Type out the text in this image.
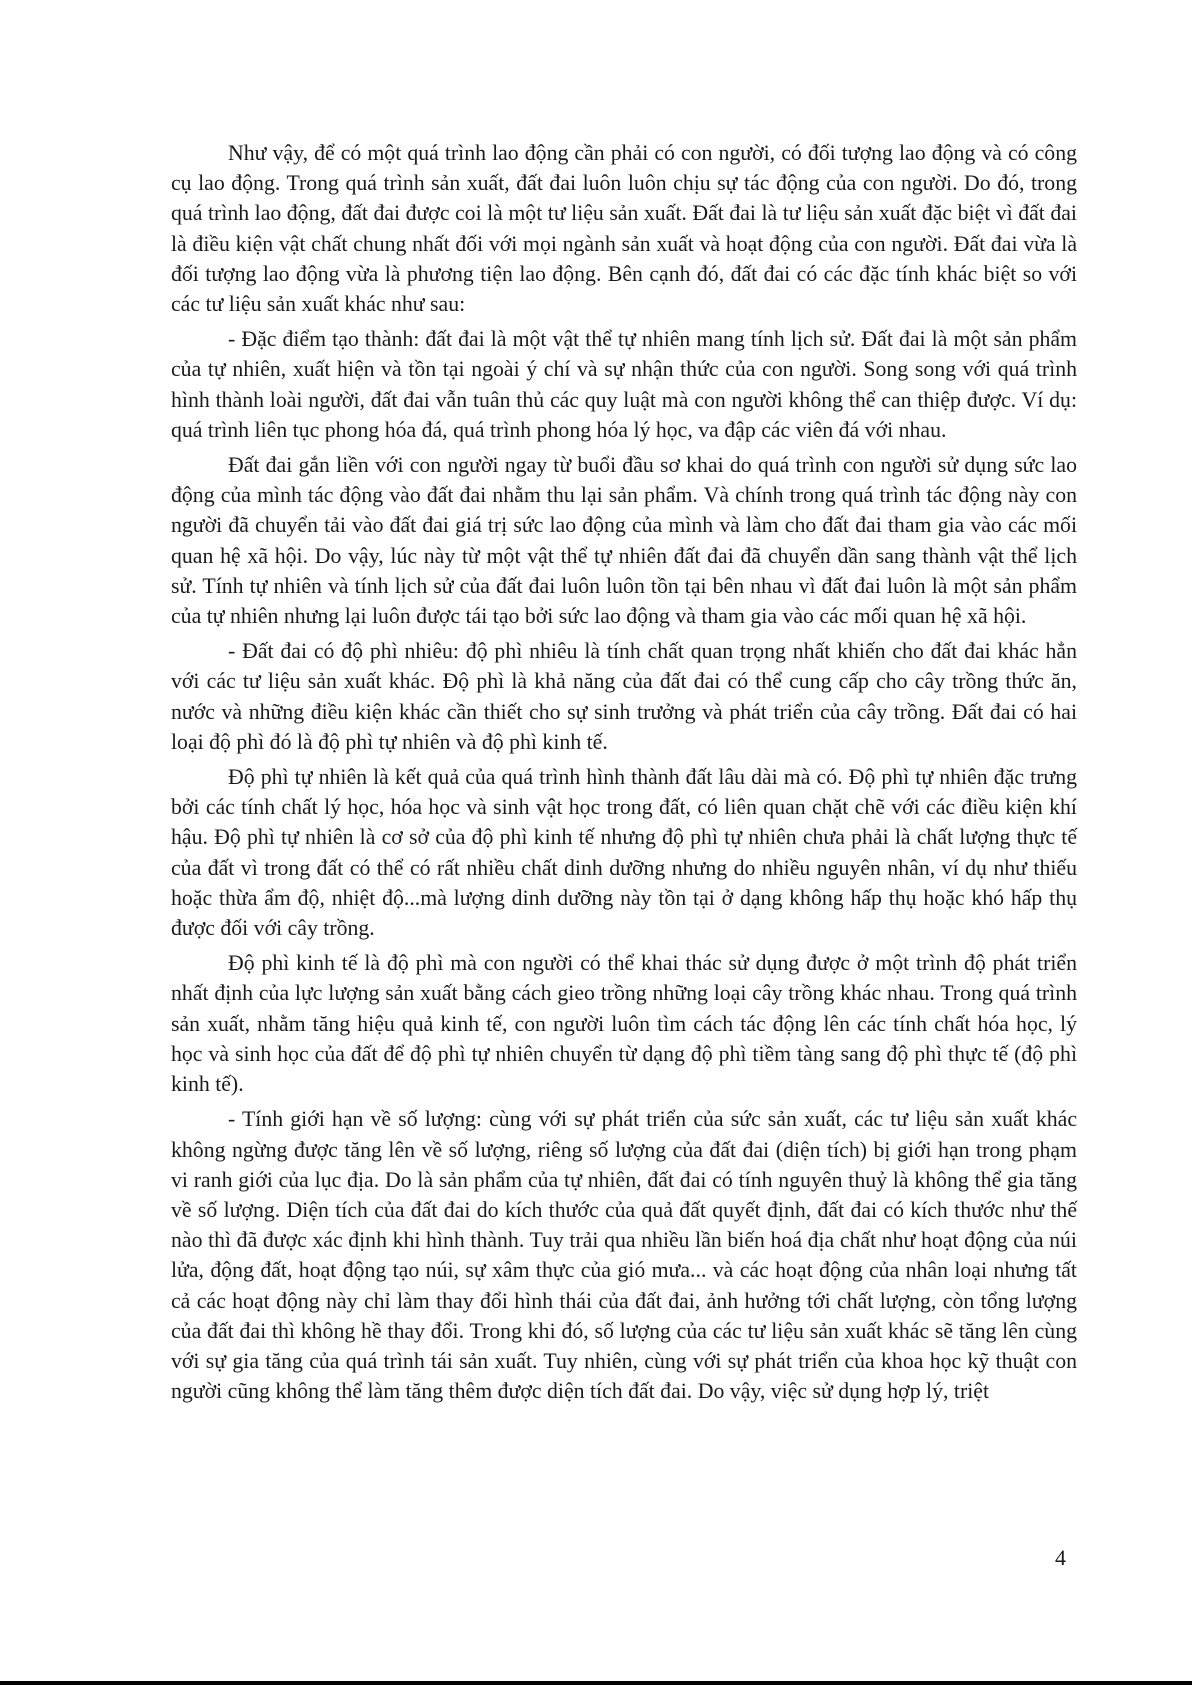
Như vậy, để có một quá trình lao động cần phải có con người, có đối tượng lao động và có công cụ lao động. Trong quá trình sản xuất, đất đai luôn luôn chịu sự tác động của con người. Do đó, trong quá trình lao động, đất đai được coi là một tư liệu sản xuất. Đất đai là tư liệu sản xuất đặc biệt vì đất đai là điều kiện vật chất chung nhất đối với mọi ngành sản xuất và hoạt động của con người. Đất đai vừa là đối tượng lao động vừa là phương tiện lao động. Bên cạnh đó, đất đai có các đặc tính khác biệt so với các tư liệu sản xuất khác như sau:

- Đặc điểm tạo thành: đất đai là một vật thể tự nhiên mang tính lịch sử. Đất đai là một sản phẩm của tự nhiên, xuất hiện và tồn tại ngoài ý chí và sự nhận thức của con người. Song song với quá trình hình thành loài người, đất đai vẫn tuân thủ các quy luật mà con người không thể can thiệp được. Ví dụ: quá trình liên tục phong hóa đá, quá trình phong hóa lý học, va đập các viên đá với nhau.

Đất đai gắn liền với con người ngay từ buổi đầu sơ khai do quá trình con người sử dụng sức lao động của mình tác động vào đất đai nhằm thu lại sản phẩm. Và chính trong quá trình tác động này con người đã chuyển tải vào đất đai giá trị sức lao động của mình và làm cho đất đai tham gia vào các mối quan hệ xã hội. Do vậy, lúc này từ một vật thể tự nhiên đất đai đã chuyển dần sang thành vật thể lịch sử. Tính tự nhiên và tính lịch sử của đất đai luôn luôn tồn tại bên nhau vì đất đai luôn là một sản phẩm của tự nhiên nhưng lại luôn được tái tạo bởi sức lao động và tham gia vào các mối quan hệ xã hội.

- Đất đai có độ phì nhiêu: độ phì nhiêu là tính chất quan trọng nhất khiến cho đất đai khác hẳn với các tư liệu sản xuất khác. Độ phì là khả năng của đất đai có thể cung cấp cho cây trồng thức ăn, nước và những điều kiện khác cần thiết cho sự sinh trưởng và phát triển của cây trồng. Đất đai có hai loại độ phì đó là độ phì tự nhiên và độ phì kinh tế.

Độ phì tự nhiên là kết quả của quá trình hình thành đất lâu dài mà có. Độ phì tự nhiên đặc trưng bởi các tính chất lý học, hóa học và sinh vật học trong đất, có liên quan chặt chẽ với các điều kiện khí hậu. Độ phì tự nhiên là cơ sở của độ phì kinh tế nhưng độ phì tự nhiên chưa phải là chất lượng thực tế của đất vì trong đất có thể có rất nhiều chất dinh dưỡng nhưng do nhiều nguyên nhân, ví dụ như thiếu hoặc thừa ẩm độ, nhiệt độ...mà lượng dinh dưỡng này tồn tại ở dạng không hấp thụ hoặc khó hấp thụ được đối với cây trồng.

Độ phì kinh tế là độ phì mà con người có thể khai thác sử dụng được ở một trình độ phát triển nhất định của lực lượng sản xuất bằng cách gieo trồng những loại cây trồng khác nhau. Trong quá trình sản xuất, nhằm tăng hiệu quả kinh tế, con người luôn tìm cách tác động lên các tính chất hóa học, lý học và sinh học của đất để độ phì tự nhiên chuyển từ dạng độ phì tiềm tàng sang độ phì thực tế (độ phì kinh tế).

- Tính giới hạn về số lượng: cùng với sự phát triển của sức sản xuất, các tư liệu sản xuất khác không ngừng được tăng lên về số lượng, riêng số lượng của đất đai (diện tích) bị giới hạn trong phạm vi ranh giới của lục địa. Do là sản phẩm của tự nhiên, đất đai có tính nguyên thuỷ là không thể gia tăng về số lượng. Diện tích của đất đai do kích thước của quả đất quyết định, đất đai có kích thước như thế nào thì đã được xác định khi hình thành. Tuy trải qua nhiều lần biến hoá địa chất như hoạt động của núi lửa, động đất, hoạt động tạo núi, sự xâm thực của gió mưa... và các hoạt động của nhân loại nhưng tất cả các hoạt động này chỉ làm thay đổi hình thái của đất đai, ảnh hưởng tới chất lượng, còn tổng lượng của đất đai thì không hề thay đổi. Trong khi đó, số lượng của các tư liệu sản xuất khác sẽ tăng lên cùng với sự gia tăng của quá trình tái sản xuất. Tuy nhiên, cùng với sự phát triển của khoa học kỹ thuật con người cũng không thể làm tăng thêm được diện tích đất đai. Do vậy, việc sử dụng hợp lý, triệt

4
